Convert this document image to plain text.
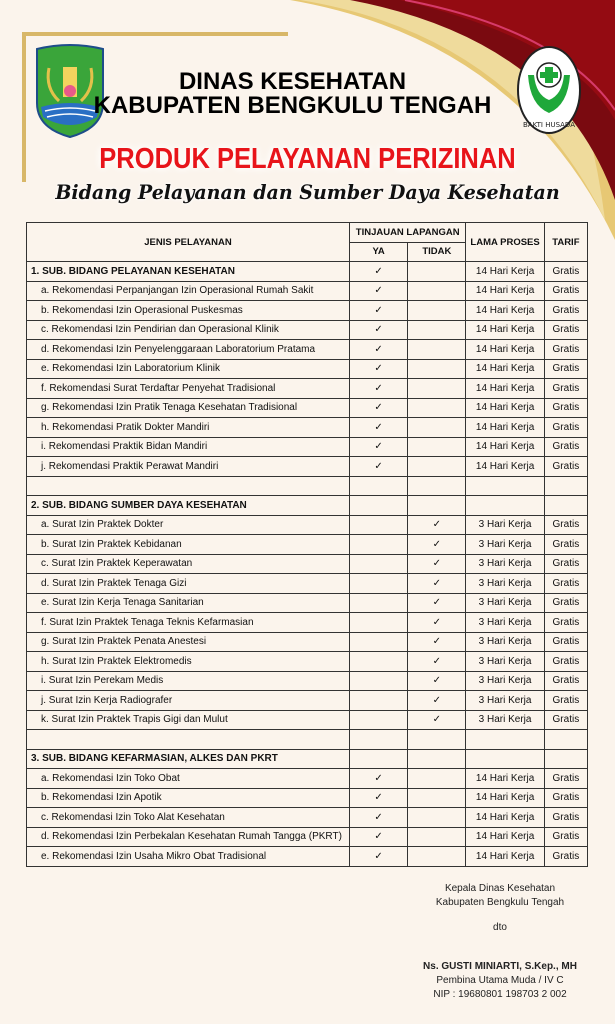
DINAS KESEHATAN
KABUPATEN BENGKULU TENGAH
BAKTI HUSADA
PRODUK PELAYANAN PERIZINAN
Bidang Pelayanan dan Sumber Daya Kesehatan
JENIS PELAYANAN	TINJAUAN LAPANGAN		LAMA PROSES	TARIF
	YA	TIDAK		
1. SUB. BIDANG PELAYANAN KESEHATAN	✓		14 Hari Kerja	Gratis
a. Rekomendasi Perpanjangan Izin Operasional Rumah Sakit	✓		14 Hari Kerja	Gratis
b. Rekomendasi Izin Operasional Puskesmas	✓		14 Hari Kerja	Gratis
c. Rekomendasi Izin Pendirian dan Operasional Klinik	✓		14 Hari Kerja	Gratis
d. Rekomendasi Izin Penyelenggaraan Laboratorium Pratama	✓		14 Hari Kerja	Gratis
e. Rekomendasi Izin Laboratorium Klinik	✓		14 Hari Kerja	Gratis
f. Rekomendasi Surat Terdaftar Penyehat Tradisional	✓		14 Hari Kerja	Gratis
g. Rekomendasi Izin Pratik Tenaga Kesehatan Tradisional	✓		14 Hari Kerja	Gratis
h. Rekomendasi Pratik Dokter Mandiri	✓		14 Hari Kerja	Gratis
i. Rekomendasi Praktik Bidan Mandiri	✓		14 Hari Kerja	Gratis
j. Rekomendasi Praktik Perawat Mandiri	✓		14 Hari Kerja	Gratis

2. SUB. BIDANG SUMBER DAYA KESEHATAN				
a. Surat Izin Praktek Dokter		✓	3 Hari Kerja	Gratis
b. Surat Izin Praktek Kebidanan		✓	3 Hari Kerja	Gratis
c. Surat Izin Praktek Keperawatan		✓	3 Hari Kerja	Gratis
d. Surat Izin Praktek Tenaga Gizi		✓	3 Hari Kerja	Gratis
e. Surat Izin Kerja Tenaga Sanitarian		✓	3 Hari Kerja	Gratis
f. Surat Izin Praktek Tenaga Teknis Kefarmasian		✓	3 Hari Kerja	Gratis
g. Surat Izin Praktek Penata Anestesi		✓	3 Hari Kerja	Gratis
h. Surat Izin Praktek Elektromedis		✓	3 Hari Kerja	Gratis
i. Surat Izin Perekam Medis		✓	3 Hari Kerja	Gratis
j. Surat Izin Kerja Radiografer		✓	3 Hari Kerja	Gratis
k. Surat Izin Praktek Trapis Gigi dan Mulut		✓	3 Hari Kerja	Gratis

3. SUB. BIDANG KEFARMASIAN, ALKES DAN PKRT				
a. Rekomendasi Izin Toko Obat	✓		14 Hari Kerja	Gratis
b. Rekomendasi Izin Apotik	✓		14 Hari Kerja	Gratis
c. Rekomendasi Izin Toko Alat Kesehatan	✓		14 Hari Kerja	Gratis
d. Rekomendasi Izin Perbekalan Kesehatan Rumah Tangga (PKRT)	✓		14 Hari Kerja	Gratis
e. Rekomendasi Izin Usaha Mikro Obat Tradisional	✓		14 Hari Kerja	Gratis
Kepala Dinas Kesehatan
Kabupaten Bengkulu Tengah
dto
Ns. GUSTI MINIARTI, S.Kep., MH
Pembina Utama Muda / IV C
NIP : 19680801 198703 2 002
